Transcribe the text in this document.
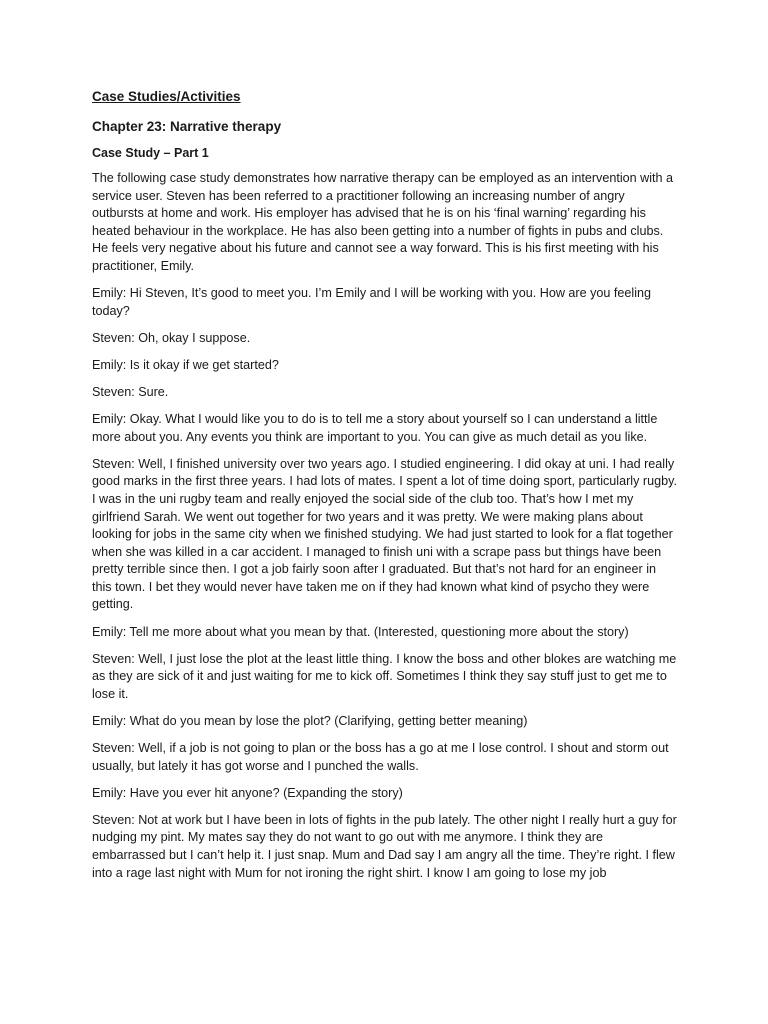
Case Studies/Activities
Chapter 23: Narrative therapy
Case Study – Part 1

The following case study demonstrates how narrative therapy can be employed as an intervention with a service user. Steven has been referred to a practitioner following an increasing number of angry outbursts at home and work. His employer has advised that he is on his ‘final warning’ regarding his heated behaviour in the workplace. He has also been getting into a number of fights in pubs and clubs. He feels very negative about his future and cannot see a way forward. This is his first meeting with his practitioner, Emily.

Emily: Hi Steven, It’s good to meet you. I’m Emily and I will be working with you. How are you feeling today?

Steven: Oh, okay I suppose.

Emily: Is it okay if we get started?

Steven: Sure.

Emily: Okay. What I would like you to do is to tell me a story about yourself so I can understand a little more about you. Any events you think are important to you. You can give as much detail as you like.

Steven: Well, I finished university over two years ago. I studied engineering. I did okay at uni. I had really good marks in the first three years. I had lots of mates. I spent a lot of time doing sport, particularly rugby. I was in the uni rugby team and really enjoyed the social side of the club too. That’s how I met my girlfriend Sarah. We went out together for two years and it was pretty. We were making plans about looking for jobs in the same city when we finished studying. We had just started to look for a flat together when she was killed in a car accident. I managed to finish uni with a scrape pass but things have been pretty terrible since then. I got a job fairly soon after I graduated. But that’s not hard for an engineer in this town. I bet they would never have taken me on if they had known what kind of psycho they were getting.

Emily: Tell me more about what you mean by that. (Interested, questioning more about the story)

Steven: Well, I just lose the plot at the least little thing. I know the boss and other blokes are watching me as they are sick of it and just waiting for me to kick off. Sometimes I think they say stuff just to get me to lose it.

Emily: What do you mean by lose the plot? (Clarifying, getting better meaning)

Steven: Well, if a job is not going to plan or the boss has a go at me I lose control. I shout and storm out usually, but lately it has got worse and I punched the walls.

Emily: Have you ever hit anyone? (Expanding the story)

Steven: Not at work but I have been in lots of fights in the pub lately. The other night I really hurt a guy for nudging my pint. My mates say they do not want to go out with me anymore. I think they are embarrassed but I can’t help it. I just snap. Mum and Dad say I am angry all the time. They’re right. I flew into a rage last night with Mum for not ironing the right shirt. I know I am going to lose my job
